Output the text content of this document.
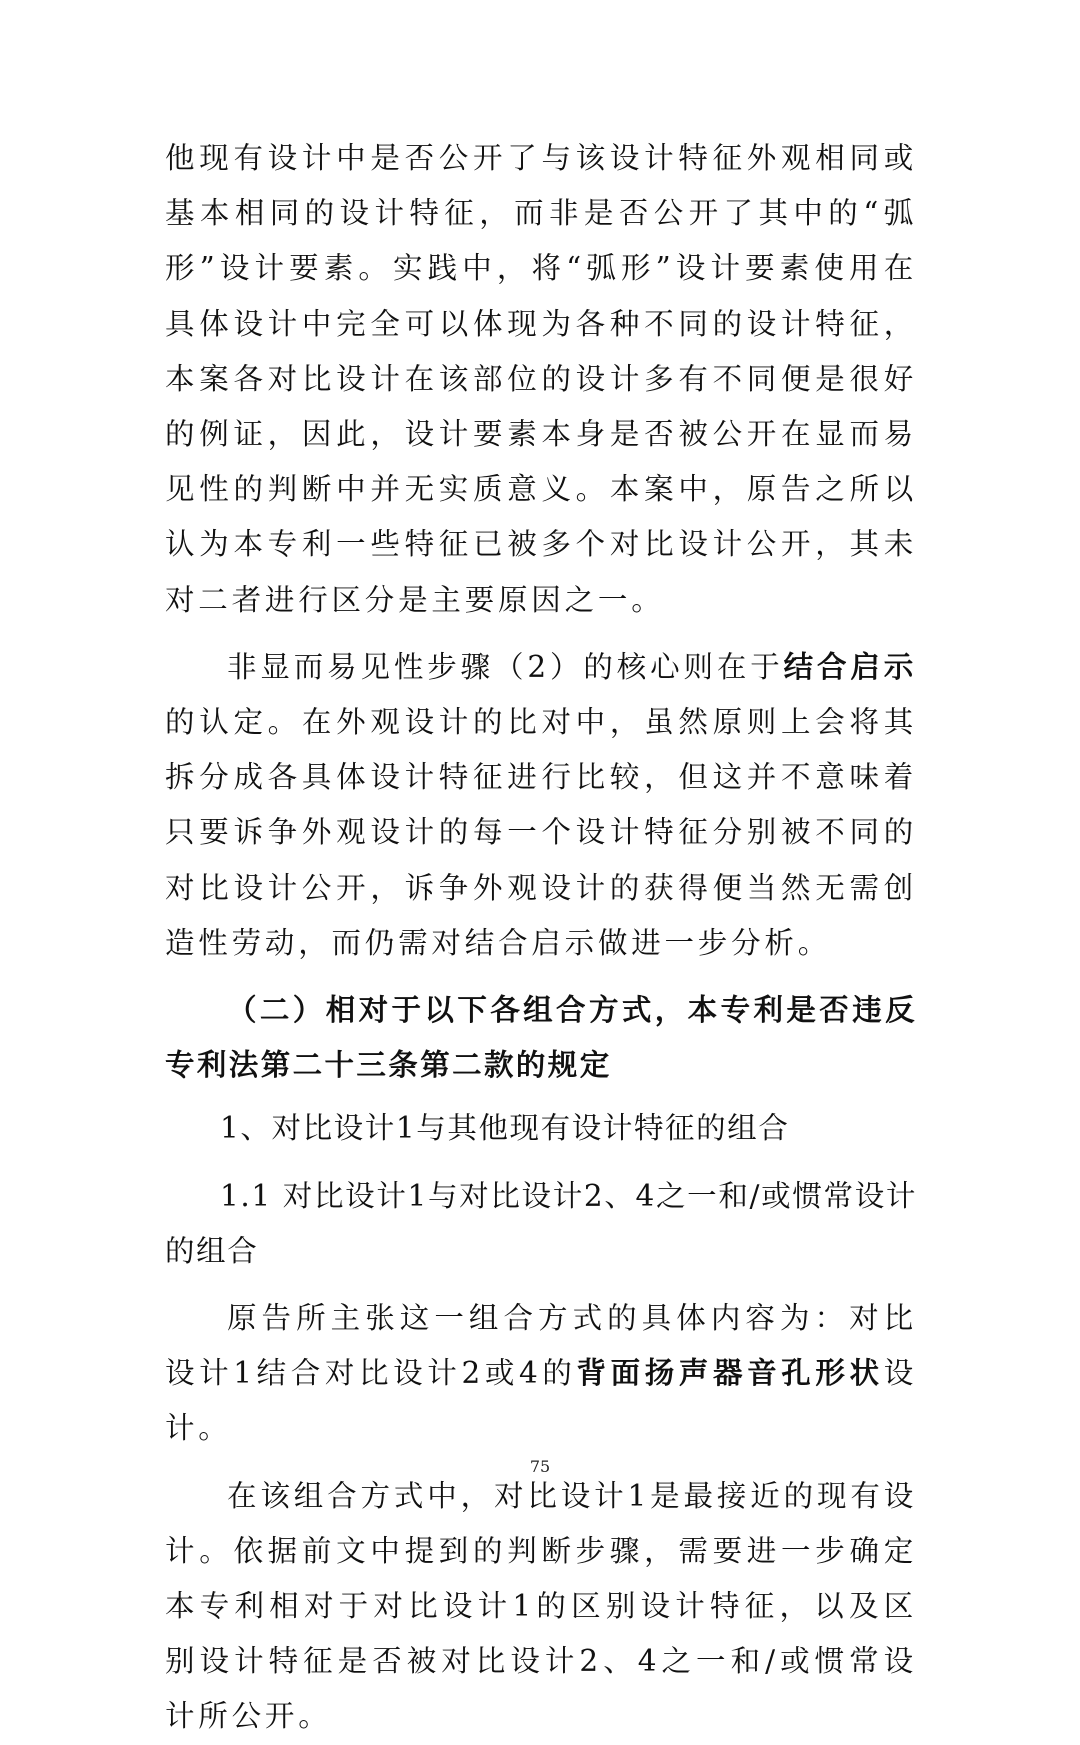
他现有设计中是否公开了与该设计特征外观相同或基本相同的设计特征，而非是否公开了其中的“弧形”设计要素。实践中，将“弧形”设计要素使用在具体设计中完全可以体现为各种不同的设计特征，本案各对比设计在该部位的设计多有不同便是很好的例证，因此，设计要素本身是否被公开在显而易见性的判断中并无实质意义。本案中，原告之所以认为本专利一些特征已被多个对比设计公开，其未对二者进行区分是主要原因之一。

非显而易见性步骤（2）的核心则在于结合启示的认定。在外观设计的比对中，虽然原则上会将其拆分成各具体设计特征进行比较，但这并不意味着只要诉争外观设计的每一个设计特征分别被不同的对比设计公开，诉争外观设计的获得便当然无需创造性劳动，而仍需对结合启示做进一步分析。

（二）相对于以下各组合方式，本专利是否违反专利法第二十三条第二款的规定

1、对比设计1与其他现有设计特征的组合

1.1 对比设计1与对比设计2、4之一和/或惯常设计的组合

原告所主张这一组合方式的具体内容为：对比设计1结合对比设计2或4的背面扬声器音孔形状设计。

在该组合方式中，对比设计1是最接近的现有设计。依据前文中提到的判断步骤，需要进一步确定本专利相对于对比设计1的区别设计特征，以及区别设计特征是否被对比设计2、4之一和/或惯常设计所公开。

75
